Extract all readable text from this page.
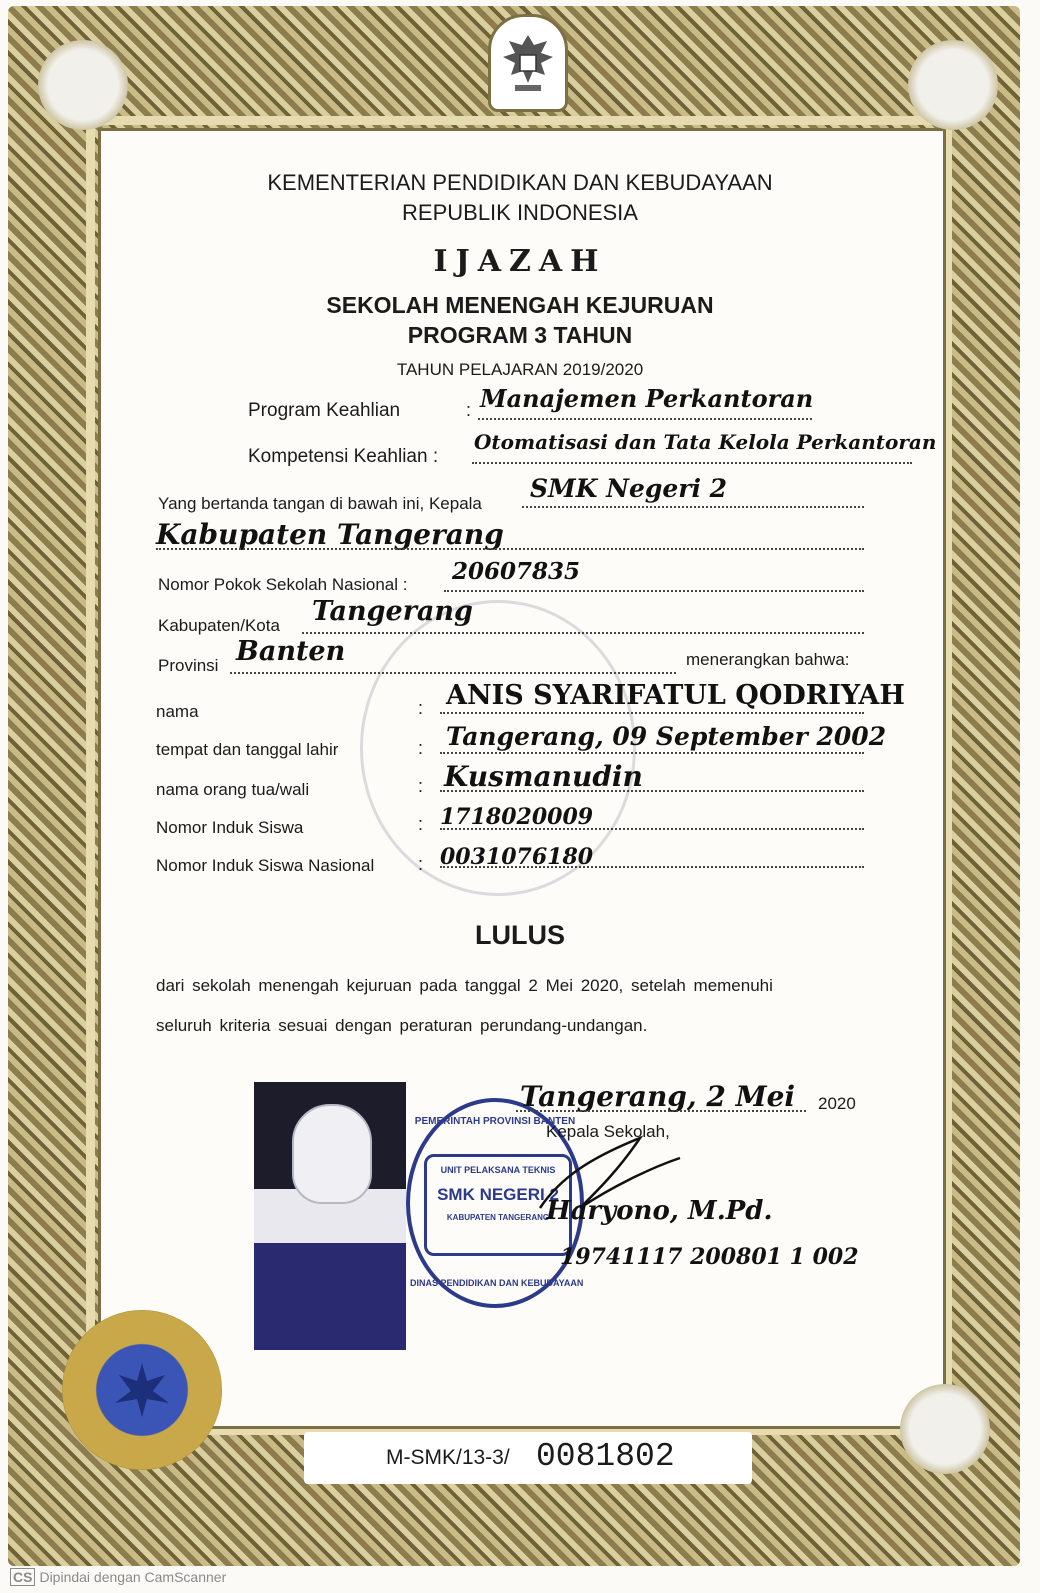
KEMENTERIAN PENDIDIKAN DAN KEBUDAYAAN
REPUBLIK INDONESIA
IJAZAH
SEKOLAH MENENGAH KEJURUAN
PROGRAM 3 TAHUN
TAHUN PELAJARAN 2019/2020
Program Keahlian	: Manajemen Perkantoran
Kompetensi Keahlian :
Otomatisasi dan Tata Kelola Perkantoran
Yang bertanda tangan di bawah ini, Kepala
SMK Negeri 2
Kabupaten Tangerang
Nomor Pokok Sekolah Nasional : 20607835
Kabupaten/Kota Tangerang
Provinsi Banten	menerangkan bahwa:
nama	: ANIS SYARIFATUL QODRIYAH
tempat dan tanggal lahir	: Tangerang, 09 September 2002
nama orang tua/wali	: Kusmanudin
Nomor Induk Siswa	: 1718020009
Nomor Induk Siswa Nasional : 0031076180
LULUS
dari sekolah menengah kejuruan pada tanggal 2 Mei 2020, setelah memenuhi
seluruh kriteria sesuai dengan peraturan perundang-undangan.
PEMERINTAH PROVINSI BANTEN
UNIT PELAKSANA TEKNIS
SMK NEGERI 2
KABUPATEN TANGERANG
DINAS PENDIDIKAN DAN KEBUDAYAAN
Tangerang, 2 Mei 2020
Kepala Sekolah,
Haryono, M.Pd.
19741117 200801 1 002
M-SMK/13-3/ 0081802
CS Dipindai dengan CamScanner
